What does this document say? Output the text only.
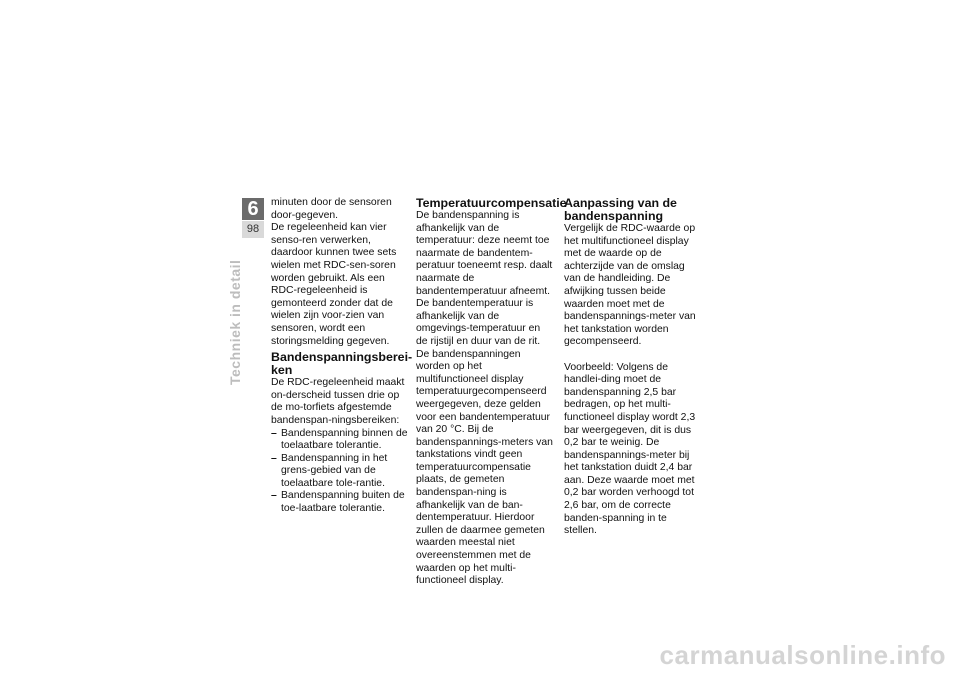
6
98
Techniek in detail

minuten door de sensoren door-gegeven.

De regeleenheid kan vier senso-ren verwerken, daardoor kunnen twee sets wielen met RDC-sen-soren worden gebruikt. Als een RDC-regeleenheid is gemonteerd zonder dat de wielen zijn voor-zien van sensoren, wordt een storingsmelding gegeven.

Bandenspanningsberei-ken

De RDC-regeleenheid maakt on-derscheid tussen drie op de mo-torfiets afgestemde bandenspan-ningsbereiken:

– Bandenspanning binnen de toelaatbare tolerantie.
– Bandenspanning in het grens-gebied van de toelaatbare tole-rantie.
– Bandenspanning buiten de toe-laatbare tolerantie.
Temperatuurcompensatie

De bandenspanning is afhankelijk van de temperatuur: deze neemt toe naarmate de bandentem-peratuur toeneemt resp. daalt naarmate de bandentemperatuur afneemt. De bandentemperatuur is afhankelijk van de omgevings-temperatuur en de rijstijl en duur van de rit.

De bandenspanningen worden op het multifunctioneel display temperatuurgecompenseerd weergegeven, deze gelden voor een bandentemperatuur van 20 °C. Bij de bandenspannings-meters van tankstations vindt geen temperatuurcompensatie plaats, de gemeten bandenspan-ning is afhankelijk van de ban-dentemperatuur. Hierdoor zullen de daarmee gemeten waarden meestal niet overeenstemmen met de waarden op het multi-functioneel display.

Aanpassing van de bandenspanning

Vergelijk de RDC-waarde op het multifunctioneel display met de waarde op de achterzijde van de omslag van de handleiding. De afwijking tussen beide waarden moet met de bandenspannings-meter van het tankstation worden gecompenseerd.

Voorbeeld: Volgens de handlei-ding moet de bandenspanning 2,5 bar bedragen, op het multi-functioneel display wordt 2,3 bar weergegeven, dit is dus 0,2 bar te weinig. De bandenspannings-meter bij het tankstation duidt 2,4 bar aan. Deze waarde moet met 0,2 bar worden verhoogd tot 2,6 bar, om de correcte banden-spanning in te stellen.

carmanualsonline.info
